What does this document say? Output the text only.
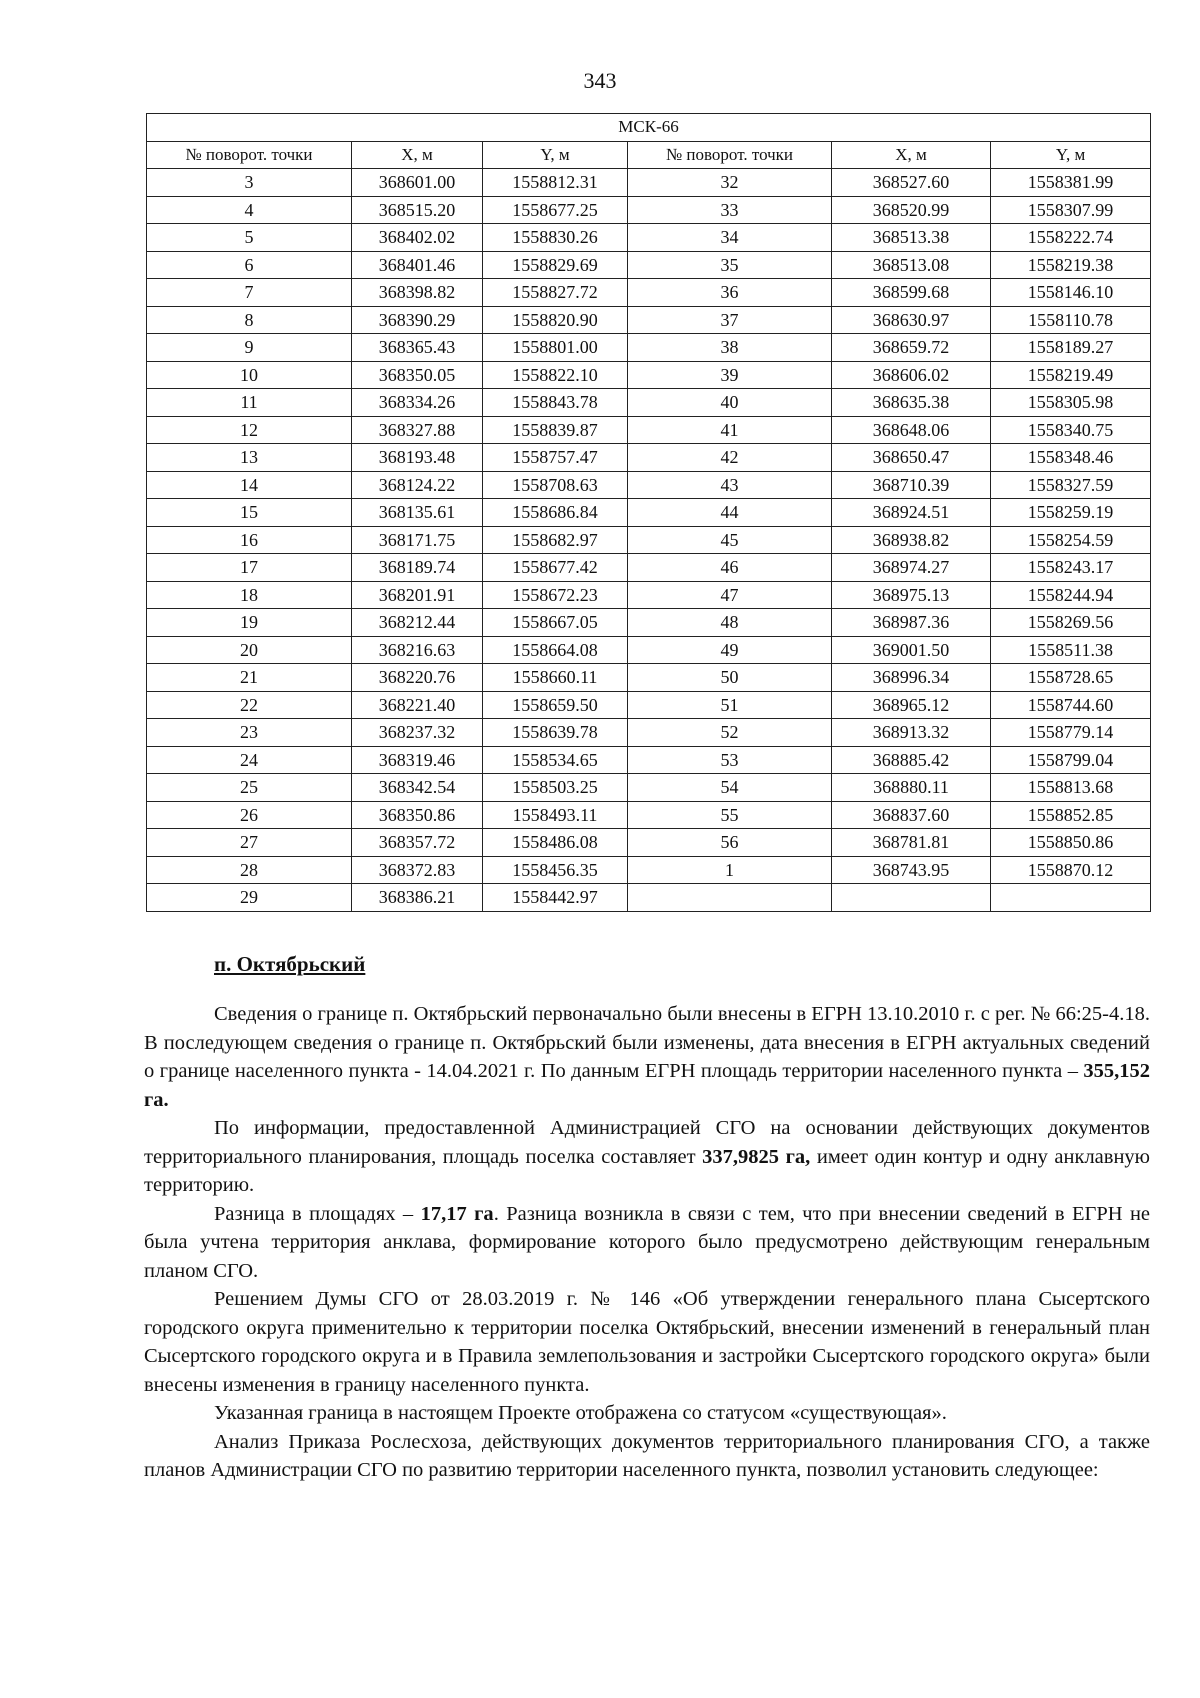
343
МСК-66					
№ поворот. точки	X, м	Y, м	№ поворот. точки	X, м	Y, м
3	368601.00	1558812.31	32	368527.60	1558381.99
4	368515.20	1558677.25	33	368520.99	1558307.99
5	368402.02	1558830.26	34	368513.38	1558222.74
6	368401.46	1558829.69	35	368513.08	1558219.38
7	368398.82	1558827.72	36	368599.68	1558146.10
8	368390.29	1558820.90	37	368630.97	1558110.78
9	368365.43	1558801.00	38	368659.72	1558189.27
10	368350.05	1558822.10	39	368606.02	1558219.49
11	368334.26	1558843.78	40	368635.38	1558305.98
12	368327.88	1558839.87	41	368648.06	1558340.75
13	368193.48	1558757.47	42	368650.47	1558348.46
14	368124.22	1558708.63	43	368710.39	1558327.59
15	368135.61	1558686.84	44	368924.51	1558259.19
16	368171.75	1558682.97	45	368938.82	1558254.59
17	368189.74	1558677.42	46	368974.27	1558243.17
18	368201.91	1558672.23	47	368975.13	1558244.94
19	368212.44	1558667.05	48	368987.36	1558269.56
20	368216.63	1558664.08	49	369001.50	1558511.38
21	368220.76	1558660.11	50	368996.34	1558728.65
22	368221.40	1558659.50	51	368965.12	1558744.60
23	368237.32	1558639.78	52	368913.32	1558779.14
24	368319.46	1558534.65	53	368885.42	1558799.04
25	368342.54	1558503.25	54	368880.11	1558813.68
26	368350.86	1558493.11	55	368837.60	1558852.85
27	368357.72	1558486.08	56	368781.81	1558850.86
28	368372.83	1558456.35	1	368743.95	1558870.12
29	368386.21	1558442.97			
п. Октябрьский

Сведения о границе п. Октябрьский первоначально были внесены в ЕГРН 13.10.2010 г. с рег. № 66:25-4.18. В последующем сведения о границе п. Октябрьский были изменены, дата внесения в ЕГРН актуальных сведений о границе населенного пункта - 14.04.2021 г. По данным ЕГРН площадь территории населенного пункта – 355,152 га.

По информации, предоставленной Администрацией СГО на основании действующих документов территориального планирования, площадь поселка составляет 337,9825 га, имеет один контур и одну анклавную территорию.

Разница в площадях – 17,17 га. Разница возникла в связи с тем, что при внесении сведений в ЕГРН не была учтена территория анклава, формирование которого было предусмотрено действующим генеральным планом СГО.

Решением Думы СГО от 28.03.2019 г. № 146 «Об утверждении генерального плана Сысертского городского округа применительно к территории поселка Октябрьский, внесении изменений в генеральный план Сысертского городского округа и в Правила землепользования и застройки Сысертского городского округа» были внесены изменения в границу населенного пункта.

Указанная граница в настоящем Проекте отображена со статусом «существующая».

Анализ Приказа Рослесхоза, действующих документов территориального планирования СГО, а также планов Администрации СГО по развитию территории населенного пункта, позволил установить следующее:
